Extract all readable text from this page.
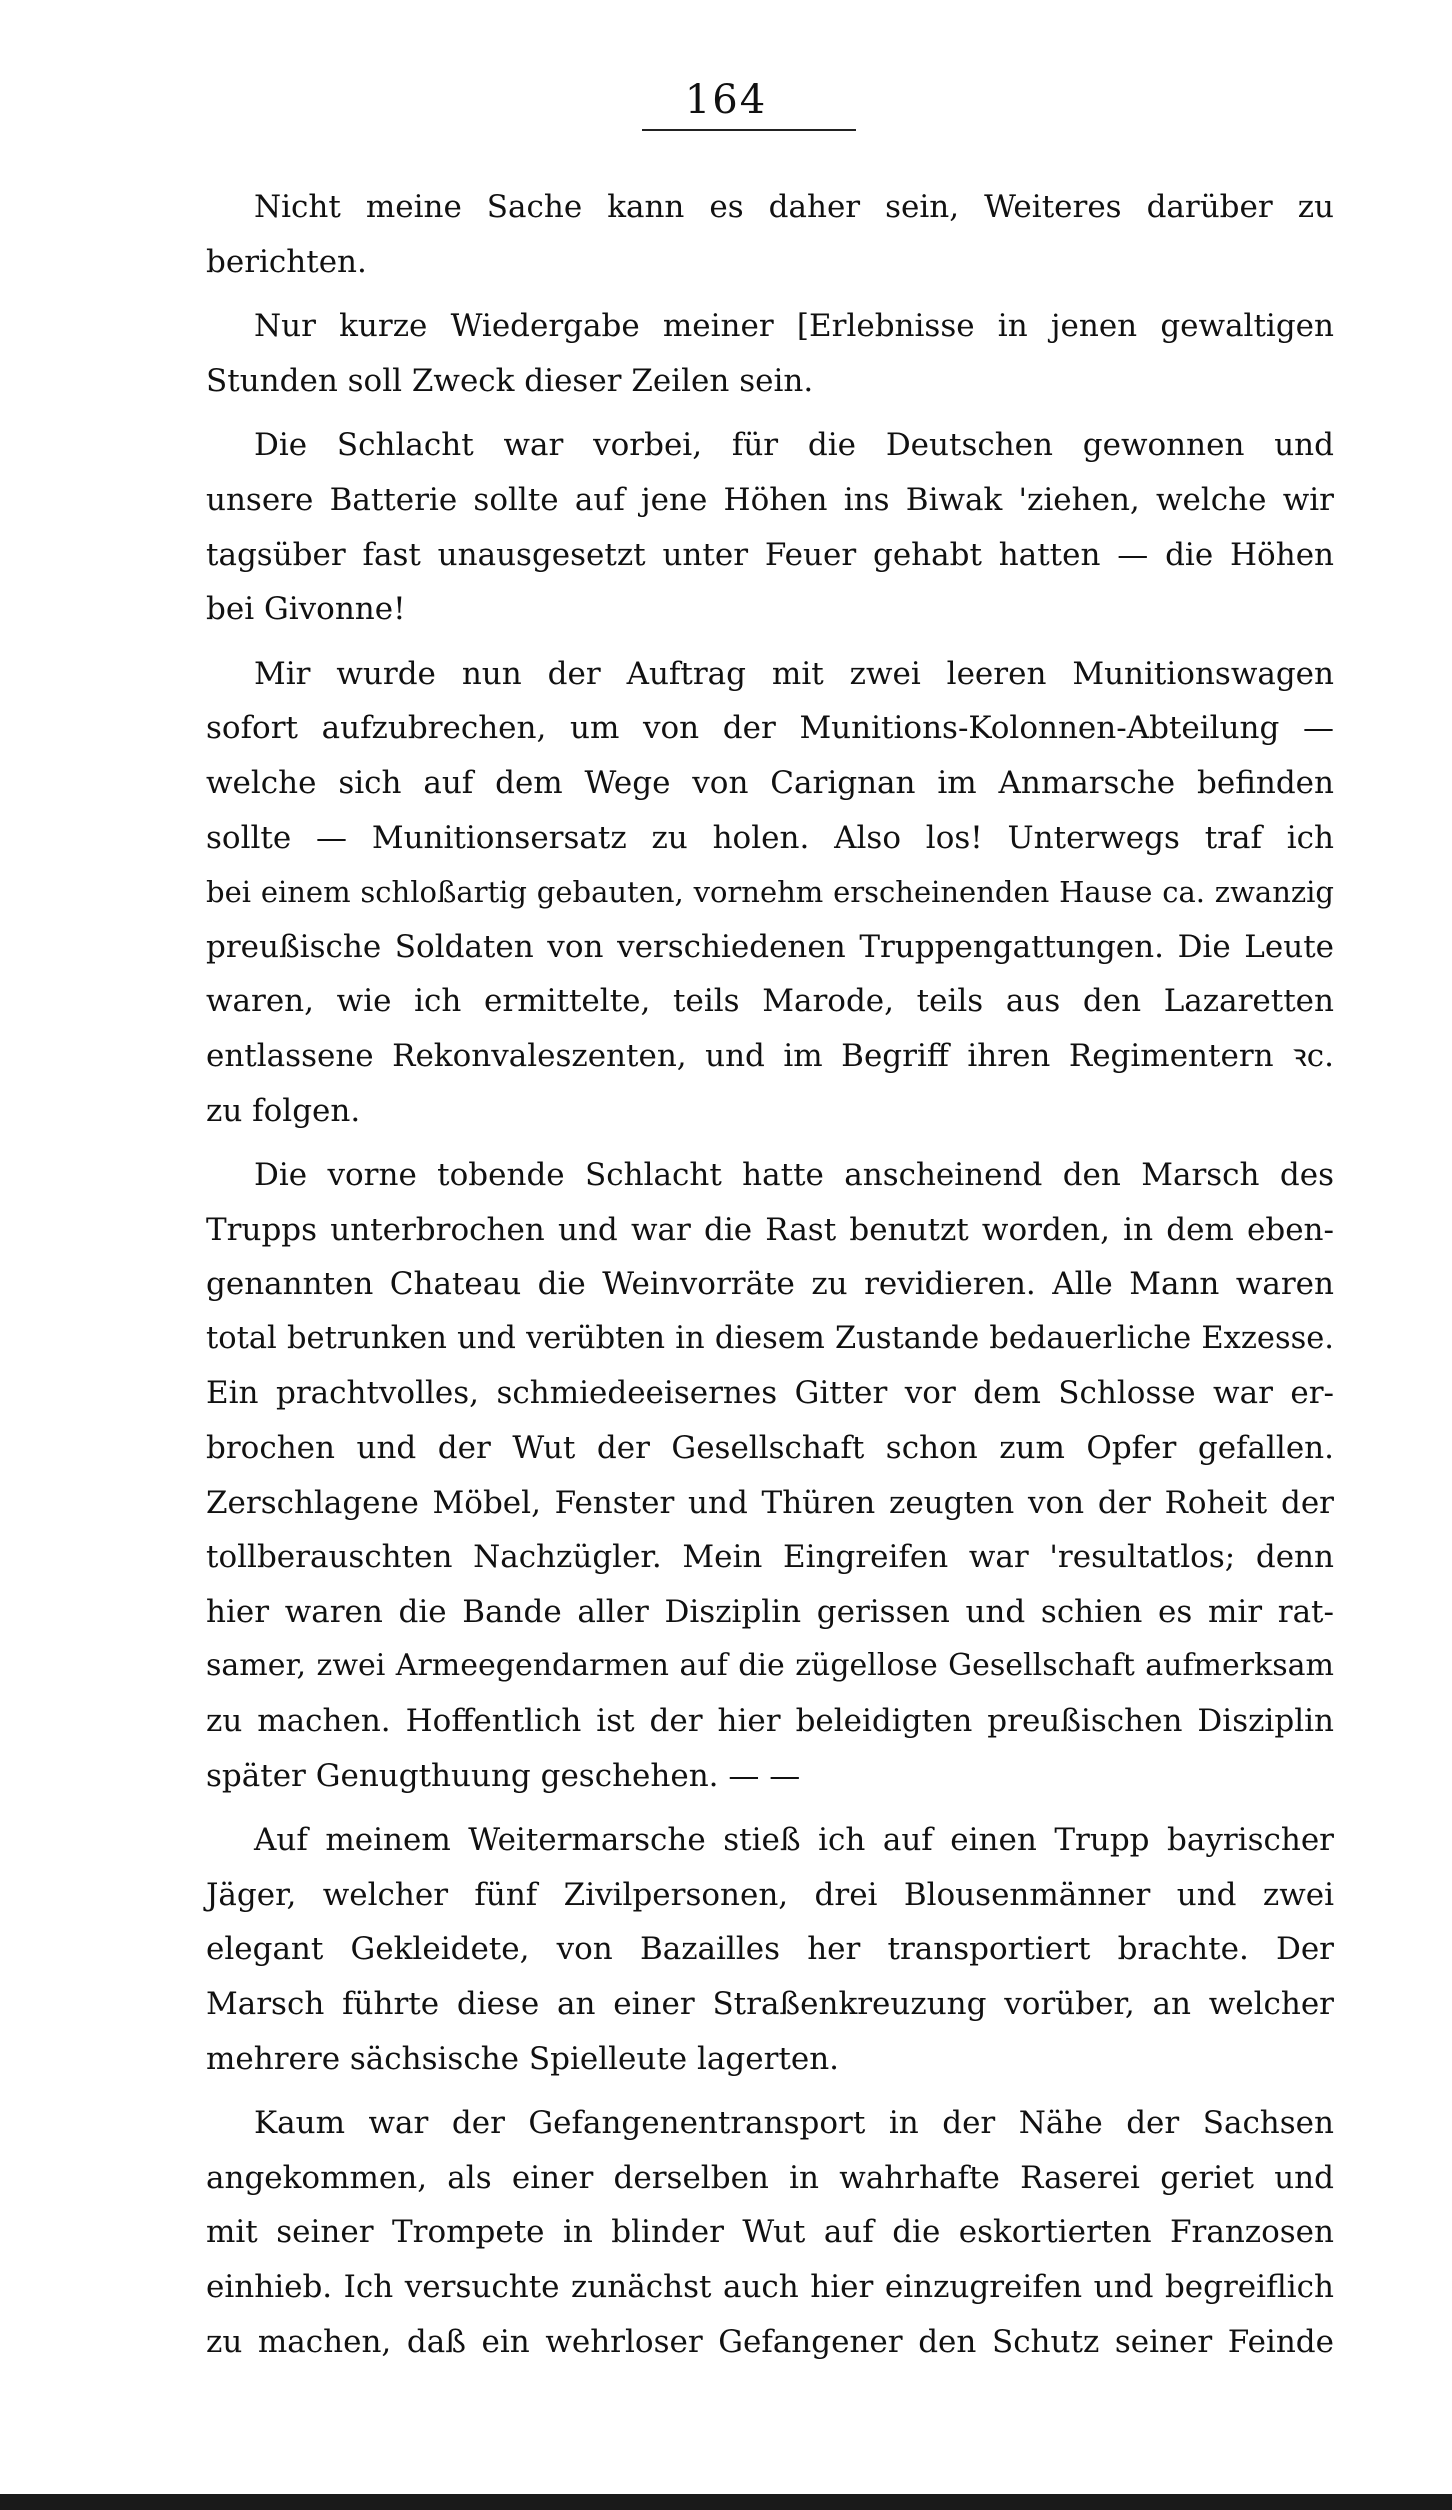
164
Nicht meine Sache kann es daher sein, Weiteres darüber zu
berichten.
Nur kurze Wiedergabe meiner [Erlebnisse in jenen gewaltigen
Stunden soll Zweck dieser Zeilen sein.
Die Schlacht war vorbei, für die Deutschen gewonnen und
unsere Batterie sollte auf jene Höhen ins Biwak 'ziehen, welche wir
tagsüber fast unausgesetzt unter Feuer gehabt hatten — die Höhen
bei Givonne!
Mir wurde nun der Auftrag mit zwei leeren Munitionswagen
sofort aufzubrechen, um von der Munitions-Kolonnen-Abteilung —
welche sich auf dem Wege von Carignan im Anmarsche befinden
sollte — Munitionsersatz zu holen. Also los! Unterwegs traf ich
bei einem schloßartig gebauten, vornehm erscheinenden Hause ca. zwanzig
preußische Soldaten von verschiedenen Truppengattungen. Die Leute
waren, wie ich ermittelte, teils Marode, teils aus den Lazaretten
entlassene Rekonvaleszenten, und im Begriff ihren Regimentern ꝛc.
zu folgen.
Die vorne tobende Schlacht hatte anscheinend den Marsch des
Trupps unterbrochen und war die Rast benutzt worden, in dem eben-
genannten Chateau die Weinvorräte zu revidieren. Alle Mann waren
total betrunken und verübten in diesem Zustande bedauerliche Exzesse.
Ein prachtvolles, schmiedeeisernes Gitter vor dem Schlosse war er-
brochen und der Wut der Gesellschaft schon zum Opfer gefallen.
Zerschlagene Möbel, Fenster und Thüren zeugten von der Roheit der
tollberauschten Nachzügler. Mein Eingreifen war 'resultatlos; denn
hier waren die Bande aller Disziplin gerissen und schien es mir rat-
samer, zwei Armeegendarmen auf die zügellose Gesellschaft aufmerksam
zu machen. Hoffentlich ist der hier beleidigten preußischen Disziplin
später Genugthuung geschehen. — —
Auf meinem Weitermarsche stieß ich auf einen Trupp bayrischer
Jäger, welcher fünf Zivilpersonen, drei Blousenmänner und zwei
elegant Gekleidete, von Bazailles her transportiert brachte. Der
Marsch führte diese an einer Straßenkreuzung vorüber, an welcher
mehrere sächsische Spielleute lagerten.
Kaum war der Gefangenentransport in der Nähe der Sachsen
angekommen, als einer derselben in wahrhafte Raserei geriet und
mit seiner Trompete in blinder Wut auf die eskortierten Franzosen
einhieb. Ich versuchte zunächst auch hier einzugreifen und begreiflich
zu machen, daß ein wehrloser Gefangener den Schutz seiner Feinde
